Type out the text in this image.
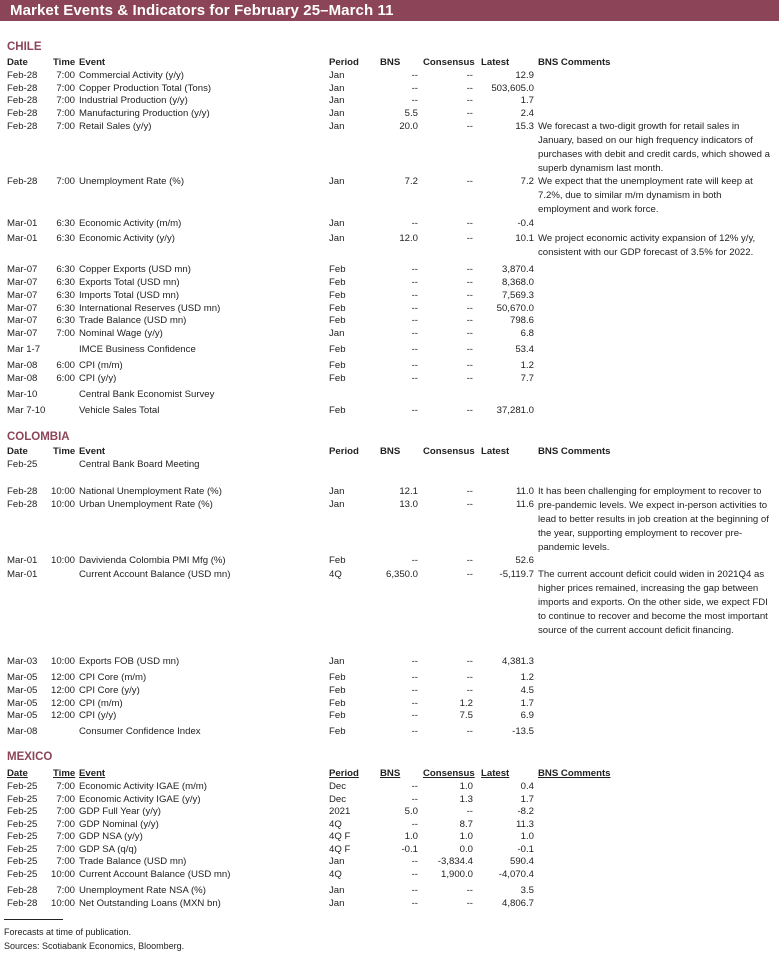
Market Events & Indicators for February 25–March 11
CHILE
Date	Time Event	Period BNS	Consensus Latest	BNS Comments
Feb-28	7:00 Commercial Activity (y/y)	Jan	--	--	12.9
Feb-28	7:00 Copper Production Total (Tons)	Jan	--	--	503,605.0
Feb-28	7:00 Industrial Production (y/y)	Jan	--	--	1.7
Feb-28	7:00 Manufacturing Production (y/y)	Jan	5.5	--	2.4
Feb-28	7:00 Retail Sales (y/y)	Jan	20.0	--	15.3 We forecast a two-digit growth for retail sales in January, based on our high frequency indicators of purchases with debit and credit cards, which showed a superb dynamism last month.
Feb-28	7:00 Unemployment Rate (%)	Jan	7.2	--	7.2 We expect that the unemployment rate will keep at 7.2%, due to similar m/m dynamism in both employment and work force.
Mar-01	6:30 Economic Activity (m/m)	Jan	--	--	-0.4
Mar-01	6:30 Economic Activity (y/y)	Jan	12.0	--	10.1 We project economic activity expansion of 12% y/y, consistent with our GDP forecast of 3.5% for 2022.
Mar-07	6:30 Copper Exports (USD mn)	Feb	--	--	3,870.4
Mar-07	6:30 Exports Total (USD mn)	Feb	--	--	8,368.0
Mar-07	6:30 Imports Total (USD mn)	Feb	--	--	7,569.3
Mar-07	6:30 International Reserves (USD mn)	Feb	--	--	50,670.0
Mar-07	6:30 Trade Balance (USD mn)	Feb	--	--	798.6
Mar-07	7:00 Nominal Wage (y/y)	Jan	--	--	6.8
Mar 1-7	IMCE Business Confidence	Feb	--	--	53.4
Mar-08	6:00 CPI (m/m)	Feb	--	--	1.2
Mar-08	6:00 CPI (y/y)	Feb	--	--	7.7
Mar-10	Central Bank Economist Survey
Mar 7-10	Vehicle Sales Total	Feb	--	--	37,281.0
COLOMBIA
Date	Time Event	Period BNS	Consensus Latest	BNS Comments
Feb-25	Central Bank Board Meeting
Feb-28	10:00 National Unemployment Rate (%)	Jan	12.1	--	11.0 It has been challenging for employment to recover to pre-pandemic levels. We expect in-person activities to lead to better results in job creation at the beginning of the year, supporting employment to recover pre-pandemic levels.
Feb-28	10:00 Urban Unemployment Rate (%)	Jan	13.0	--	11.6
Mar-01	10:00 Davivienda Colombia PMI Mfg (%)	Feb	--	--	52.6
Mar-01	Current Account Balance (USD mn)	4Q	6,350.0	--	-5,119.7 The current account deficit could widen in 2021Q4 as higher prices remained, increasing the gap between imports and exports. On the other side, we expect FDI to continue to recover and become the most important source of the current account deficit financing.
Mar-03	10:00 Exports FOB (USD mn)	Jan	--	--	4,381.3
Mar-05	12:00 CPI Core (m/m)	Feb	--	--	1.2
Mar-05	12:00 CPI Core (y/y)	Feb	--	--	4.5
Mar-05	12:00 CPI (m/m)	Feb	--	1.2	1.7
Mar-05	12:00 CPI (y/y)	Feb	--	7.5	6.9
Mar-08	Consumer Confidence Index	Feb	--	--	-13.5
MEXICO
Date	Time Event	Period BNS	Consensus Latest	BNS Comments
Feb-25	7:00 Economic Activity IGAE (m/m)	Dec	--	1.0	0.4
Feb-25	7:00 Economic Activity IGAE (y/y)	Dec	--	1.3	1.7
Feb-25	7:00 GDP Full Year (y/y)	2021	5.0	--	-8.2
Feb-25	7:00 GDP Nominal (y/y)	4Q	--	8.7	11.3
Feb-25	7:00 GDP NSA (y/y)	4Q F	1.0	1.0	1.0
Feb-25	7:00 GDP SA (q/q)	4Q F	-0.1	0.0	-0.1
Feb-25	7:00 Trade Balance (USD mn)	Jan	--	-3,834.4	590.4
Feb-25	10:00 Current Account Balance (USD mn)	4Q	--	1,900.0	-4,070.4
Feb-28	7:00 Unemployment Rate NSA (%)	Jan	--	--	3.5
Feb-28	10:00 Net Outstanding Loans (MXN bn)	Jan	--	--	4,806.7
Forecasts at time of publication.
Sources: Scotiabank Economics, Bloomberg.
